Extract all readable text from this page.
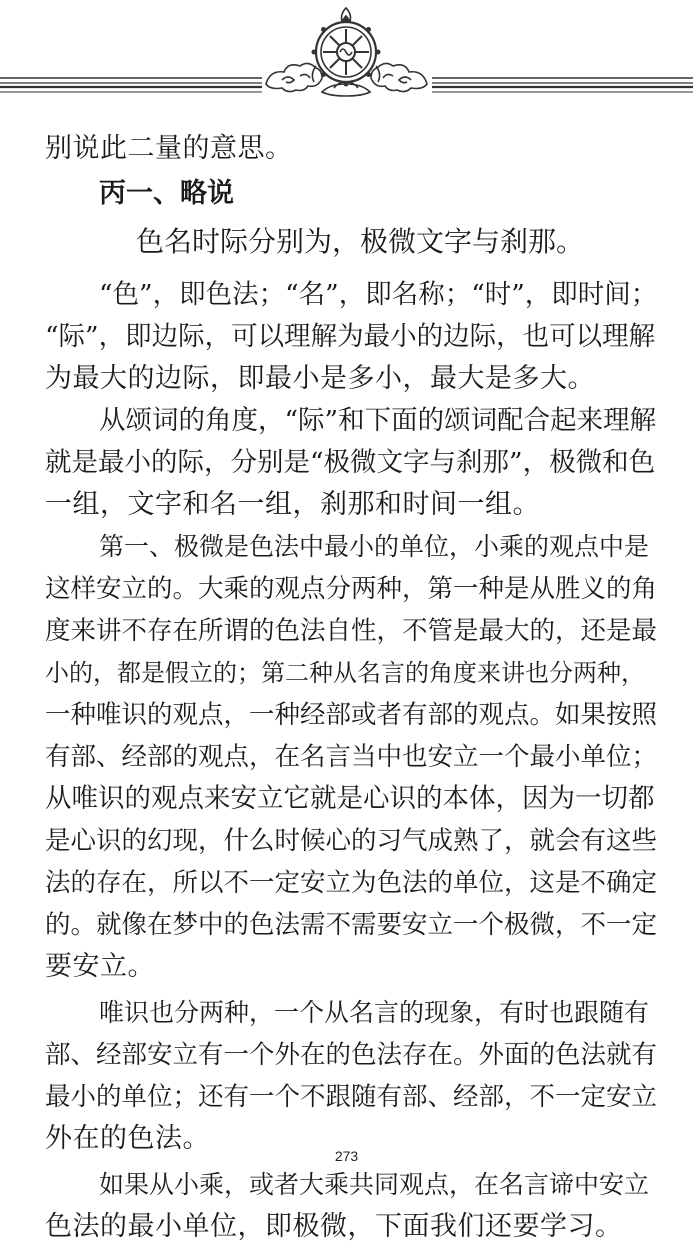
别说此二量的意思。
丙一、略说
色名时际分别为，极微文字与刹那。
“色”，即色法；“名”，即名称；“时”，即时间；
“际”，即边际，可以理解为最小的边际，也可以理解
为最大的边际，即最小是多小，最大是多大。
从颂词的角度，“际”和下面的颂词配合起来理解
就是最小的际，分别是“极微文字与刹那”，极微和色
一组，文字和名一组，刹那和时间一组。
第一、极微是色法中最小的单位，小乘的观点中是
这样安立的。大乘的观点分两种，第一种是从胜义的角
度来讲不存在所谓的色法自性，不管是最大的，还是最
小的，都是假立的；第二种从名言的角度来讲也分两种，
一种唯识的观点，一种经部或者有部的观点。如果按照
有部、经部的观点，在名言当中也安立一个最小单位；
从唯识的观点来安立它就是心识的本体，因为一切都
是心识的幻现，什么时候心的习气成熟了，就会有这些
法的存在，所以不一定安立为色法的单位，这是不确定
的。就像在梦中的色法需不需要安立一个极微，不一定
要安立。
唯识也分两种，一个从名言的现象，有时也跟随有
部、经部安立有一个外在的色法存在。外面的色法就有
最小的单位；还有一个不跟随有部、经部，不一定安立
外在的色法。
如果从小乘，或者大乘共同观点，在名言谛中安立
色法的最小单位，即极微，下面我们还要学习。
273
